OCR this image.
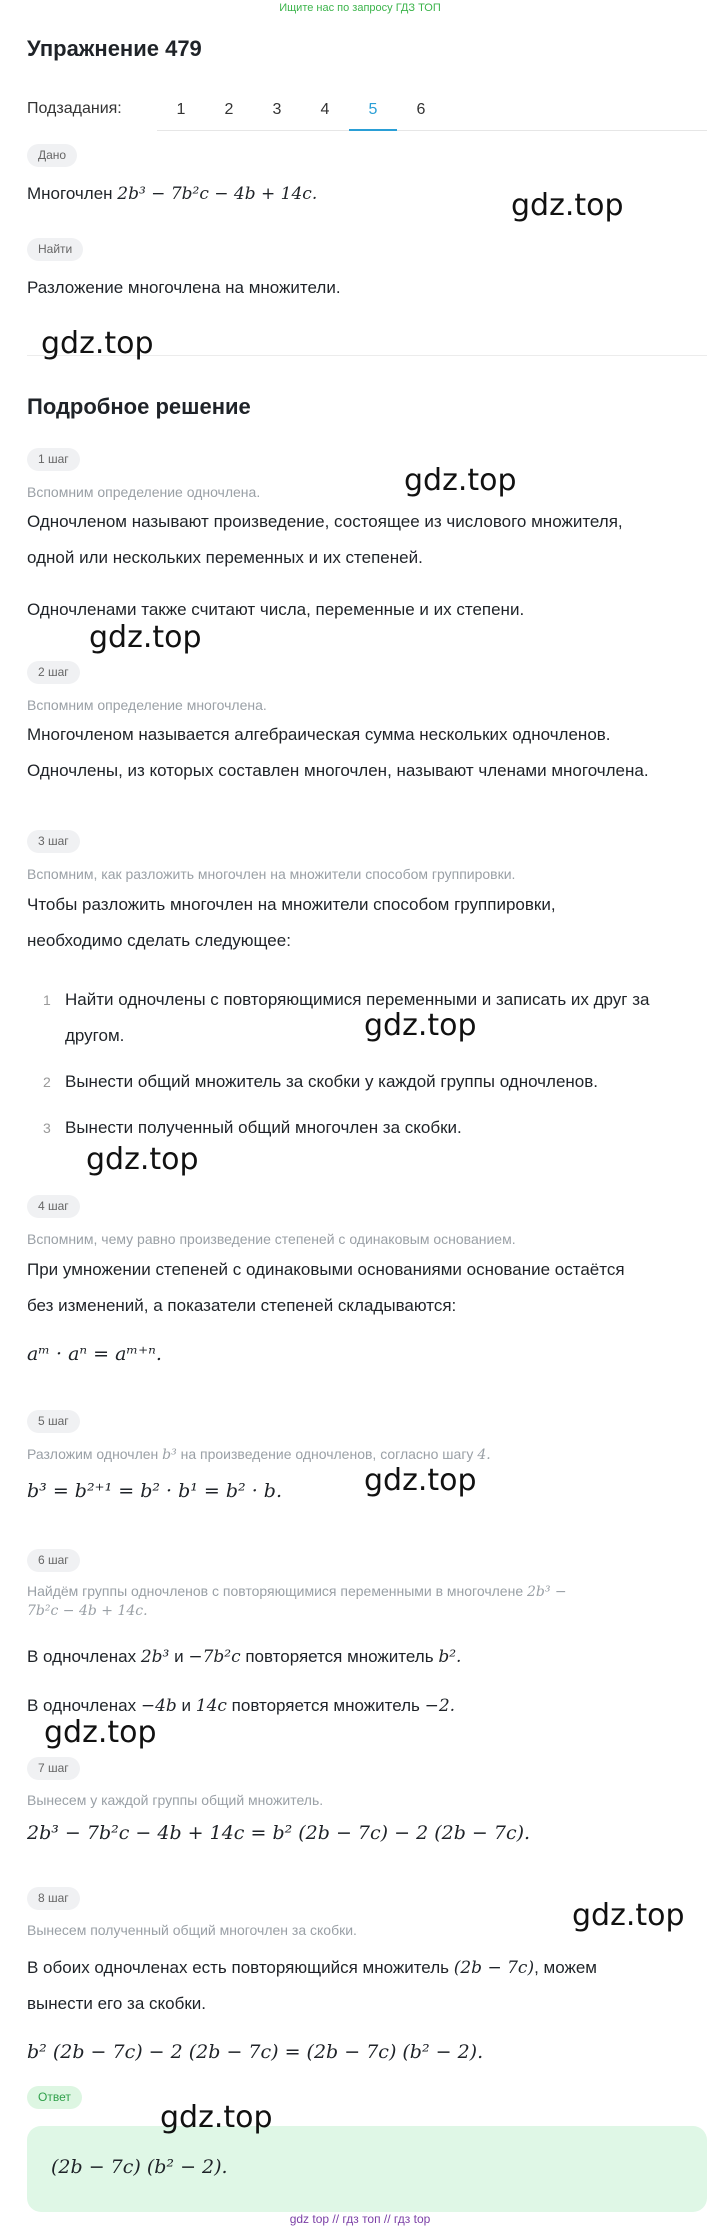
Ищите нас по запросу ГДЗ ТОП
Упражнение 479
Подзадания:	1	2	3	4	5	6
Дано
Многочлен 2b³ − 7b²c − 4b + 14c.	gdz.top
Найти
Разложение многочлена на множители.
gdz.top
Подробное решение
1 шаг
Вспомним определение одночлена.	gdz.top
Одночленом называют произведение, состоящее из числового множителя,
одной или нескольких переменных и их степеней.
Одночленами также считают числа, переменные и их степени.
gdz.top
2 шаг
Вспомним определение многочлена.
Многочленом называется алгебраическая сумма нескольких одночленов.
Одночлены, из которых составлен многочлен, называют членами многочлена.
3 шаг
Вспомним, как разложить многочлен на множители способом группировки.
Чтобы разложить многочлен на множители способом группировки,
необходимо сделать следующее:
1 Найти одночлены с повторяющимися переменными и записать их друг за
другом.	gdz.top
2 Вынести общий множитель за скобки у каждой группы одночленов.
3 Вынести полученный общий многочлен за скобки.
gdz.top
4 шаг
Вспомним, чему равно произведение степеней с одинаковым основанием.
При умножении степеней с одинаковыми основаниями основание остаётся
без изменений, а показатели степеней складываются:
aᵐ · aⁿ = aᵐ⁺ⁿ.
5 шаг
Разложим одночлен b³ на произведение одночленов, согласно шагу 4.
b³ = b²⁺¹ = b² · b¹ = b² · b.	gdz.top
6 шаг
Найдём группы одночленов с повторяющимися переменными в многочлене 2b³ −
7b²c − 4b + 14c.
В одночленах 2b³ и −7b²c повторяется множитель b².
В одночленах −4b и 14c повторяется множитель −2.
gdz.top
7 шаг
Вынесем у каждой группы общий множитель.
2b³ − 7b²c − 4b + 14c = b² (2b − 7c) − 2 (2b − 7c).
8 шаг
Вынесем полученный общий многочлен за скобки.	gdz.top
В обоих одночленах есть повторяющийся множитель (2b − 7c), можем
вынести его за скобки.
b² (2b − 7c) − 2 (2b − 7c) = (2b − 7c) (b² − 2).
Ответ
(2b − 7c) (b² − 2).
gdz.top
gdz top // гдз топ // гдз top
